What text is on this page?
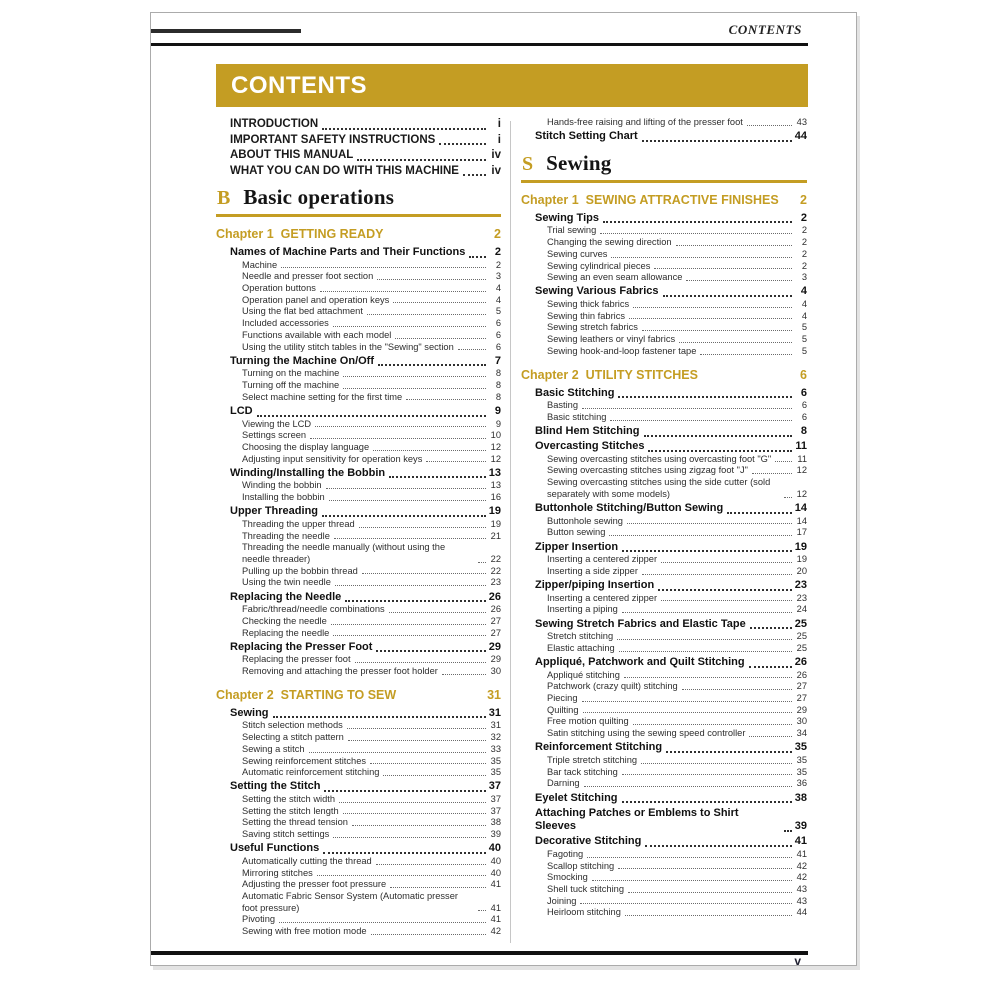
CONTENTS
CONTENTS
INTRODUCTION	i
IMPORTANT SAFETY INSTRUCTIONS	i
ABOUT THIS MANUAL	iv
WHAT YOU CAN DO WITH THIS MACHINE	iv
B Basic operations
Chapter 1 GETTING READY	2
Names of Machine Parts and Their Functions	2
Machine	2
Needle and presser foot section	3
Operation buttons	4
Operation panel and operation keys	4
Using the flat bed attachment	5
Included accessories	6
Functions available with each model	6
Using the utility stitch tables in the "Sewing" section	6
Turning the Machine On/Off	7
Turning on the machine	8
Turning off the machine	8
Select machine setting for the first time	8
LCD	9
Viewing the LCD	9
Settings screen	10
Choosing the display language	12
Adjusting input sensitivity for operation keys	12
Winding/Installing the Bobbin	13
Winding the bobbin	13
Installing the bobbin	16
Upper Threading	19
Threading the upper thread	19
Threading the needle	21
Threading the needle manually (without using the needle threader)	22
Pulling up the bobbin thread	22
Using the twin needle	23
Replacing the Needle	26
Fabric/thread/needle combinations	26
Checking the needle	27
Replacing the needle	27
Replacing the Presser Foot	29
Replacing the presser foot	29
Removing and attaching the presser foot holder	30
Chapter 2 STARTING TO SEW	31
Sewing	31
Stitch selection methods	31
Selecting a stitch pattern	32
Sewing a stitch	33
Sewing reinforcement stitches	35
Automatic reinforcement stitching	35
Setting the Stitch	37
Setting the stitch width	37
Setting the stitch length	37
Setting the thread tension	38
Saving stitch settings	39
Useful Functions	40
Automatically cutting the thread	40
Mirroring stitches	40
Adjusting the presser foot pressure	41
Automatic Fabric Sensor System (Automatic presser foot pressure)	41
Pivoting	41
Sewing with free motion mode	42
Hands-free raising and lifting of the presser foot	43
Stitch Setting Chart	44
S Sewing
Chapter 1 SEWING ATTRACTIVE FINISHES	2
Sewing Tips	2
Trial sewing	2
Changing the sewing direction	2
Sewing curves	2
Sewing cylindrical pieces	2
Sewing an even seam allowance	3
Sewing Various Fabrics	4
Sewing thick fabrics	4
Sewing thin fabrics	4
Sewing stretch fabrics	5
Sewing leathers or vinyl fabrics	5
Sewing hook-and-loop fastener tape	5
Chapter 2 UTILITY STITCHES	6
Basic Stitching	6
Basting	6
Basic stitching	6
Blind Hem Stitching	8
Overcasting Stitches	11
Sewing overcasting stitches using overcasting foot "G"	11
Sewing overcasting stitches using zigzag foot "J"	12
Sewing overcasting stitches using the side cutter (sold separately with some models)	12
Buttonhole Stitching/Button Sewing	14
Buttonhole sewing	14
Button sewing	17
Zipper Insertion	19
Inserting a centered zipper	19
Inserting a side zipper	20
Zipper/piping Insertion	23
Inserting a centered zipper	23
Inserting a piping	24
Sewing Stretch Fabrics and Elastic Tape	25
Stretch stitching	25
Elastic attaching	25
Appliqué, Patchwork and Quilt Stitching	26
Appliqué stitching	26
Patchwork (crazy quilt) stitching	27
Piecing	27
Quilting	29
Free motion quilting	30
Satin stitching using the sewing speed controller	34
Reinforcement Stitching	35
Triple stretch stitching	35
Bar tack stitching	35
Darning	36
Eyelet Stitching	38
Attaching Patches or Emblems to Shirt Sleeves	39
Decorative Stitching	41
Fagoting	41
Scallop stitching	42
Smocking	42
Shell tuck stitching	43
Joining	43
Heirloom stitching	44
v
